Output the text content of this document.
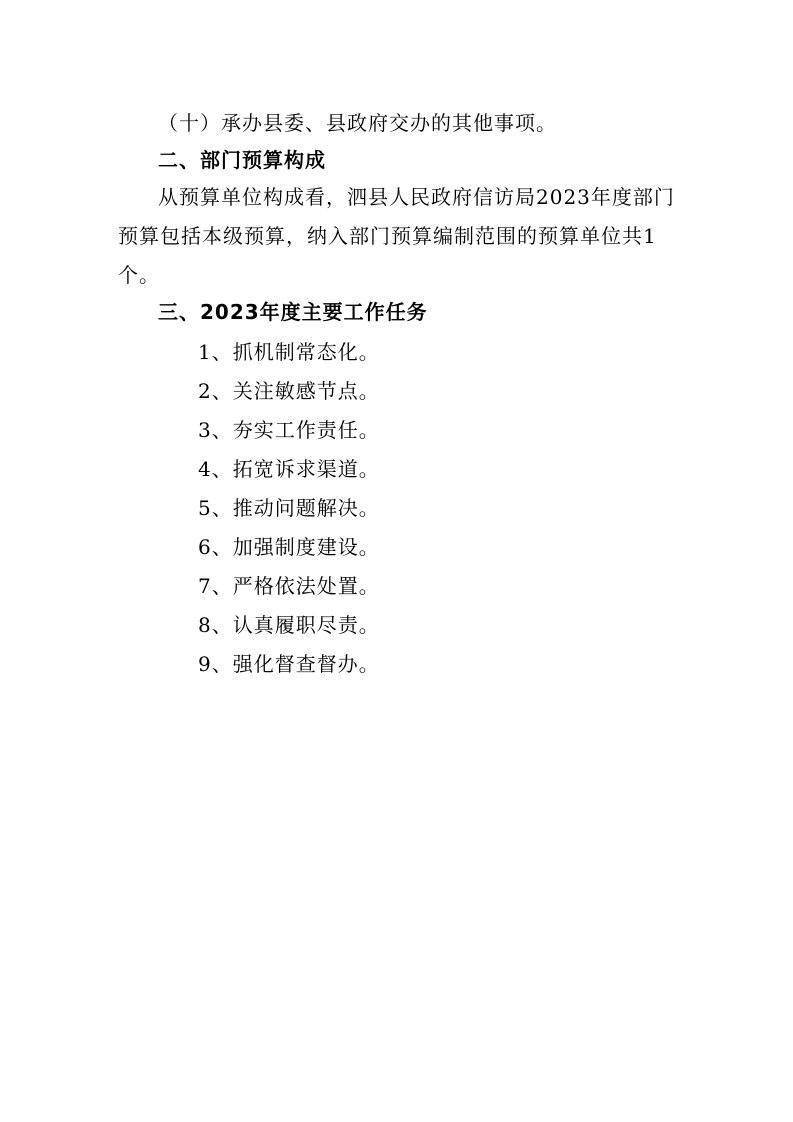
（十）承办县委、县政府交办的其他事项。

二、部门预算构成

从预算单位构成看，泗县人民政府信访局2023年度部门预算包括本级预算，纳入部门预算编制范围的预算单位共1个。

三、2023年度主要工作任务
1、抓机制常态化。
2、关注敏感节点。
3、夯实工作责任。
4、拓宽诉求渠道。
5、推动问题解决。
6、加强制度建设。
7、严格依法处置。
8、认真履职尽责。
9、强化督查督办。
